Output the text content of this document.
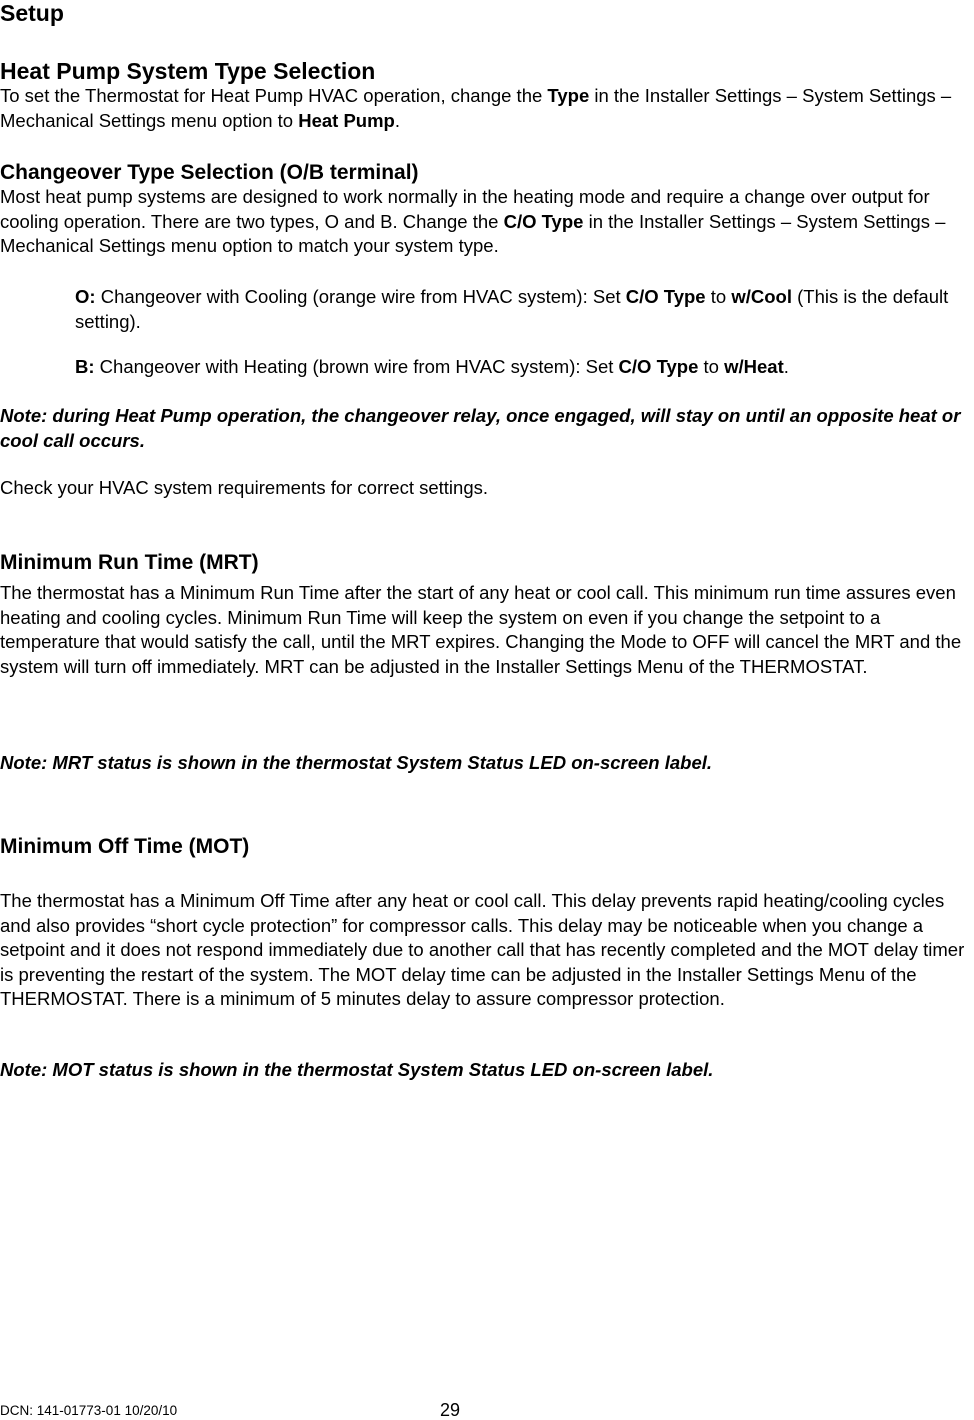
Setup
Heat Pump System Type Selection

To set the Thermostat for Heat Pump HVAC operation, change the Type in the Installer Settings – System Settings – Mechanical Settings menu option to Heat Pump.

Changeover Type Selection (O/B terminal)

Most heat pump systems are designed to work normally in the heating mode and require a change over output for cooling operation. There are two types, O and B. Change the C/O Type in the Installer Settings – System Settings – Mechanical Settings menu option to match your system type.

O: Changeover with Cooling (orange wire from HVAC system): Set C/O Type to w/Cool (This is the default setting).

B: Changeover with Heating (brown wire from HVAC system): Set C/O Type to w/Heat.

Note: during Heat Pump operation, the changeover relay, once engaged, will stay on until an opposite heat or cool call occurs.

Check your HVAC system requirements for correct settings.

Minimum Run Time (MRT)

The thermostat has a Minimum Run Time after the start of any heat or cool call. This minimum run time assures even heating and cooling cycles. Minimum Run Time will keep the system on even if you change the setpoint to a temperature that would satisfy the call, until the MRT expires. Changing the Mode to OFF will cancel the MRT and the system will turn off immediately. MRT can be adjusted in the Installer Settings Menu of the THERMOSTAT.

Note: MRT status is shown in the thermostat System Status LED on-screen label.

Minimum Off Time (MOT)

The thermostat has a Minimum Off Time after any heat or cool call. This delay prevents rapid heating/cooling cycles and also provides “short cycle protection” for compressor calls. This delay may be noticeable when you change a setpoint and it does not respond immediately due to another call that has recently completed and the MOT delay timer is preventing the restart of the system. The MOT delay time can be adjusted in the Installer Settings Menu of the THERMOSTAT. There is a minimum of 5 minutes delay to assure compressor protection.

Note: MOT status is shown in the thermostat System Status LED on-screen label.

DCN: 141-01773-01 10/20/10	29
